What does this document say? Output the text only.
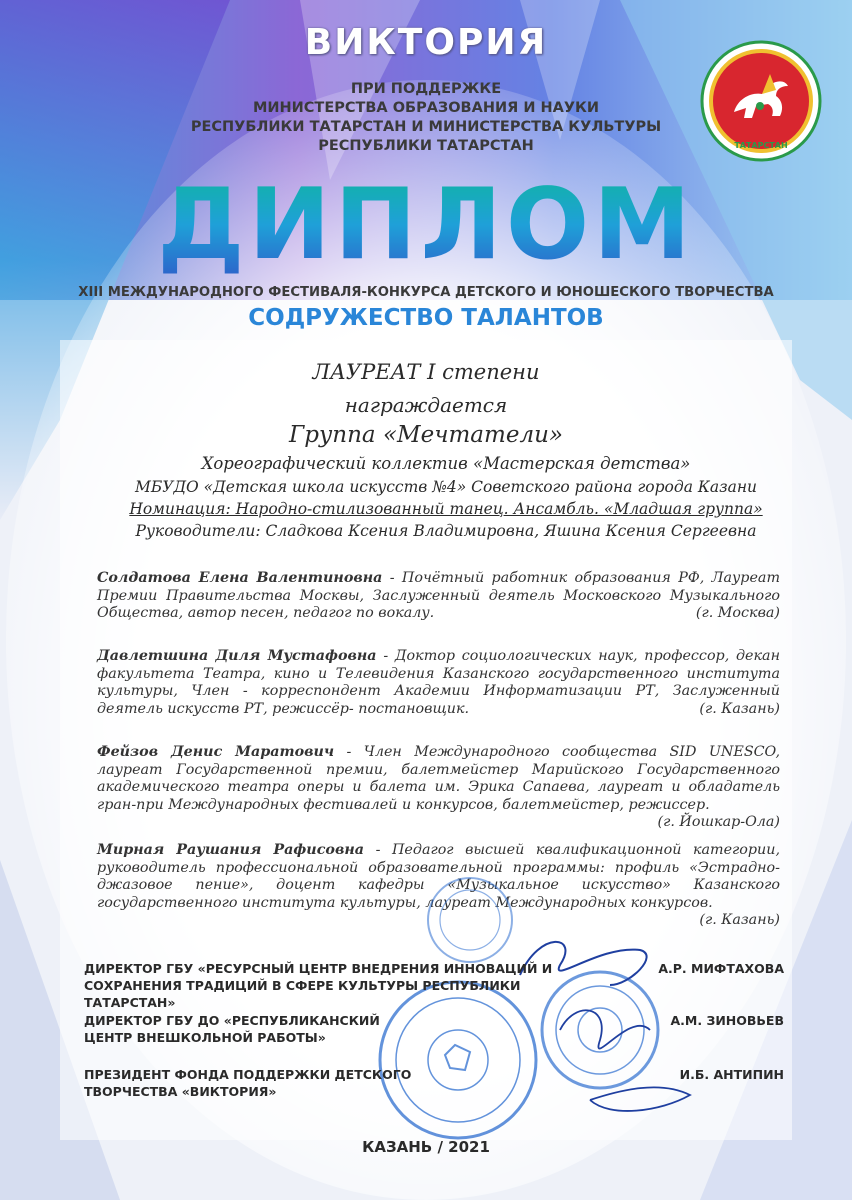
ВИКТОРИЯ
ПРИ ПОДДЕРЖКЕ
МИНИСТЕРСТВА ОБРАЗОВАНИЯ И НАУКИ
РЕСПУБЛИКИ ТАТАРСТАН И МИНИСТЕРСТВА КУЛЬТУРЫ
РЕСПУБЛИКИ ТАТАРСТАН	ТАТАРСТАН
ДИПЛОМ
XIII МЕЖДУНАРОДНОГО ФЕСТИВАЛЯ-КОНКУРСА ДЕТСКОГО И ЮНОШЕСКОГО ТВОРЧЕСТВА
СОДРУЖЕСТВО ТАЛАНТОВ
ЛАУРЕАТ I степени
награждается
Группа «Мечтатели»
Хореографический коллектив «Мастерская детства»
МБУДО «Детская школа искусств №4» Советского района города Казани
Номинация: Народно-стилизованный танец. Ансамбль. «Младшая группа»
Руководители: Сладкова Ксения Владимировна, Яшина Ксения Сергеевна
Солдатова Елена Валентиновна - Почётный работник образования РФ, Лауреат Премии Правительства Москвы, Заслуженный деятель Московского Музыкального Общества, автор песен, педагог по вокалу.	(г. Москва)
Давлетшина Диля Мустафовна - Доктор социологических наук, профессор, декан факультета Театра, кино и Телевидения Казанского государственного института культуры, Член - корреспондент Академии Информатизации РТ, Заслуженный деятель искусств РТ, режиссёр- постановщик.	(г. Казань)
Фейзов Денис Маратович - Член Международного сообщества SID UNESCO, лауреат Государственной премии, балетмейстер Марийского Государственного академического театра оперы и балета им. Эрика Сапаева, лауреат и обладатель гран-при Международных фестивалей и конкурсов, балетмейстер, режиссер.
(г. Йошкар-Ола)
Мирная Раушания Рафисовна - Педагог высшей квалификационной категории, руководитель профессиональной образовательной программы: профиль «Эстрадно-джазовое пение», доцент кафедры «Музыкальное искусство» Казанского государственного института культуры, лауреат Международных конкурсов.
(г. Казань)
ДИРЕКТОР ГБУ «РЕСУРСНЫЙ ЦЕНТР ВНЕДРЕНИЯ ИННОВАЦИЙ И СОХРАНЕНИЯ ТРАДИЦИЙ В СФЕРЕ КУЛЬТУРЫ РЕСПУБЛИКИ ТАТАРСТАН»
А.Р. МИФТАХОВА
ДИРЕКТОР ГБУ ДО «РЕСПУБЛИКАНСКИЙ ЦЕНТР ВНЕШКОЛЬНОЙ РАБОТЫ»
А.М. ЗИНОВЬЕВ
ПРЕЗИДЕНТ ФОНДА ПОДДЕРЖКИ ДЕТСКОГО ТВОРЧЕСТВА «ВИКТОРИЯ»
И.Б. АНТИПИН
КАЗАНЬ / 2021
